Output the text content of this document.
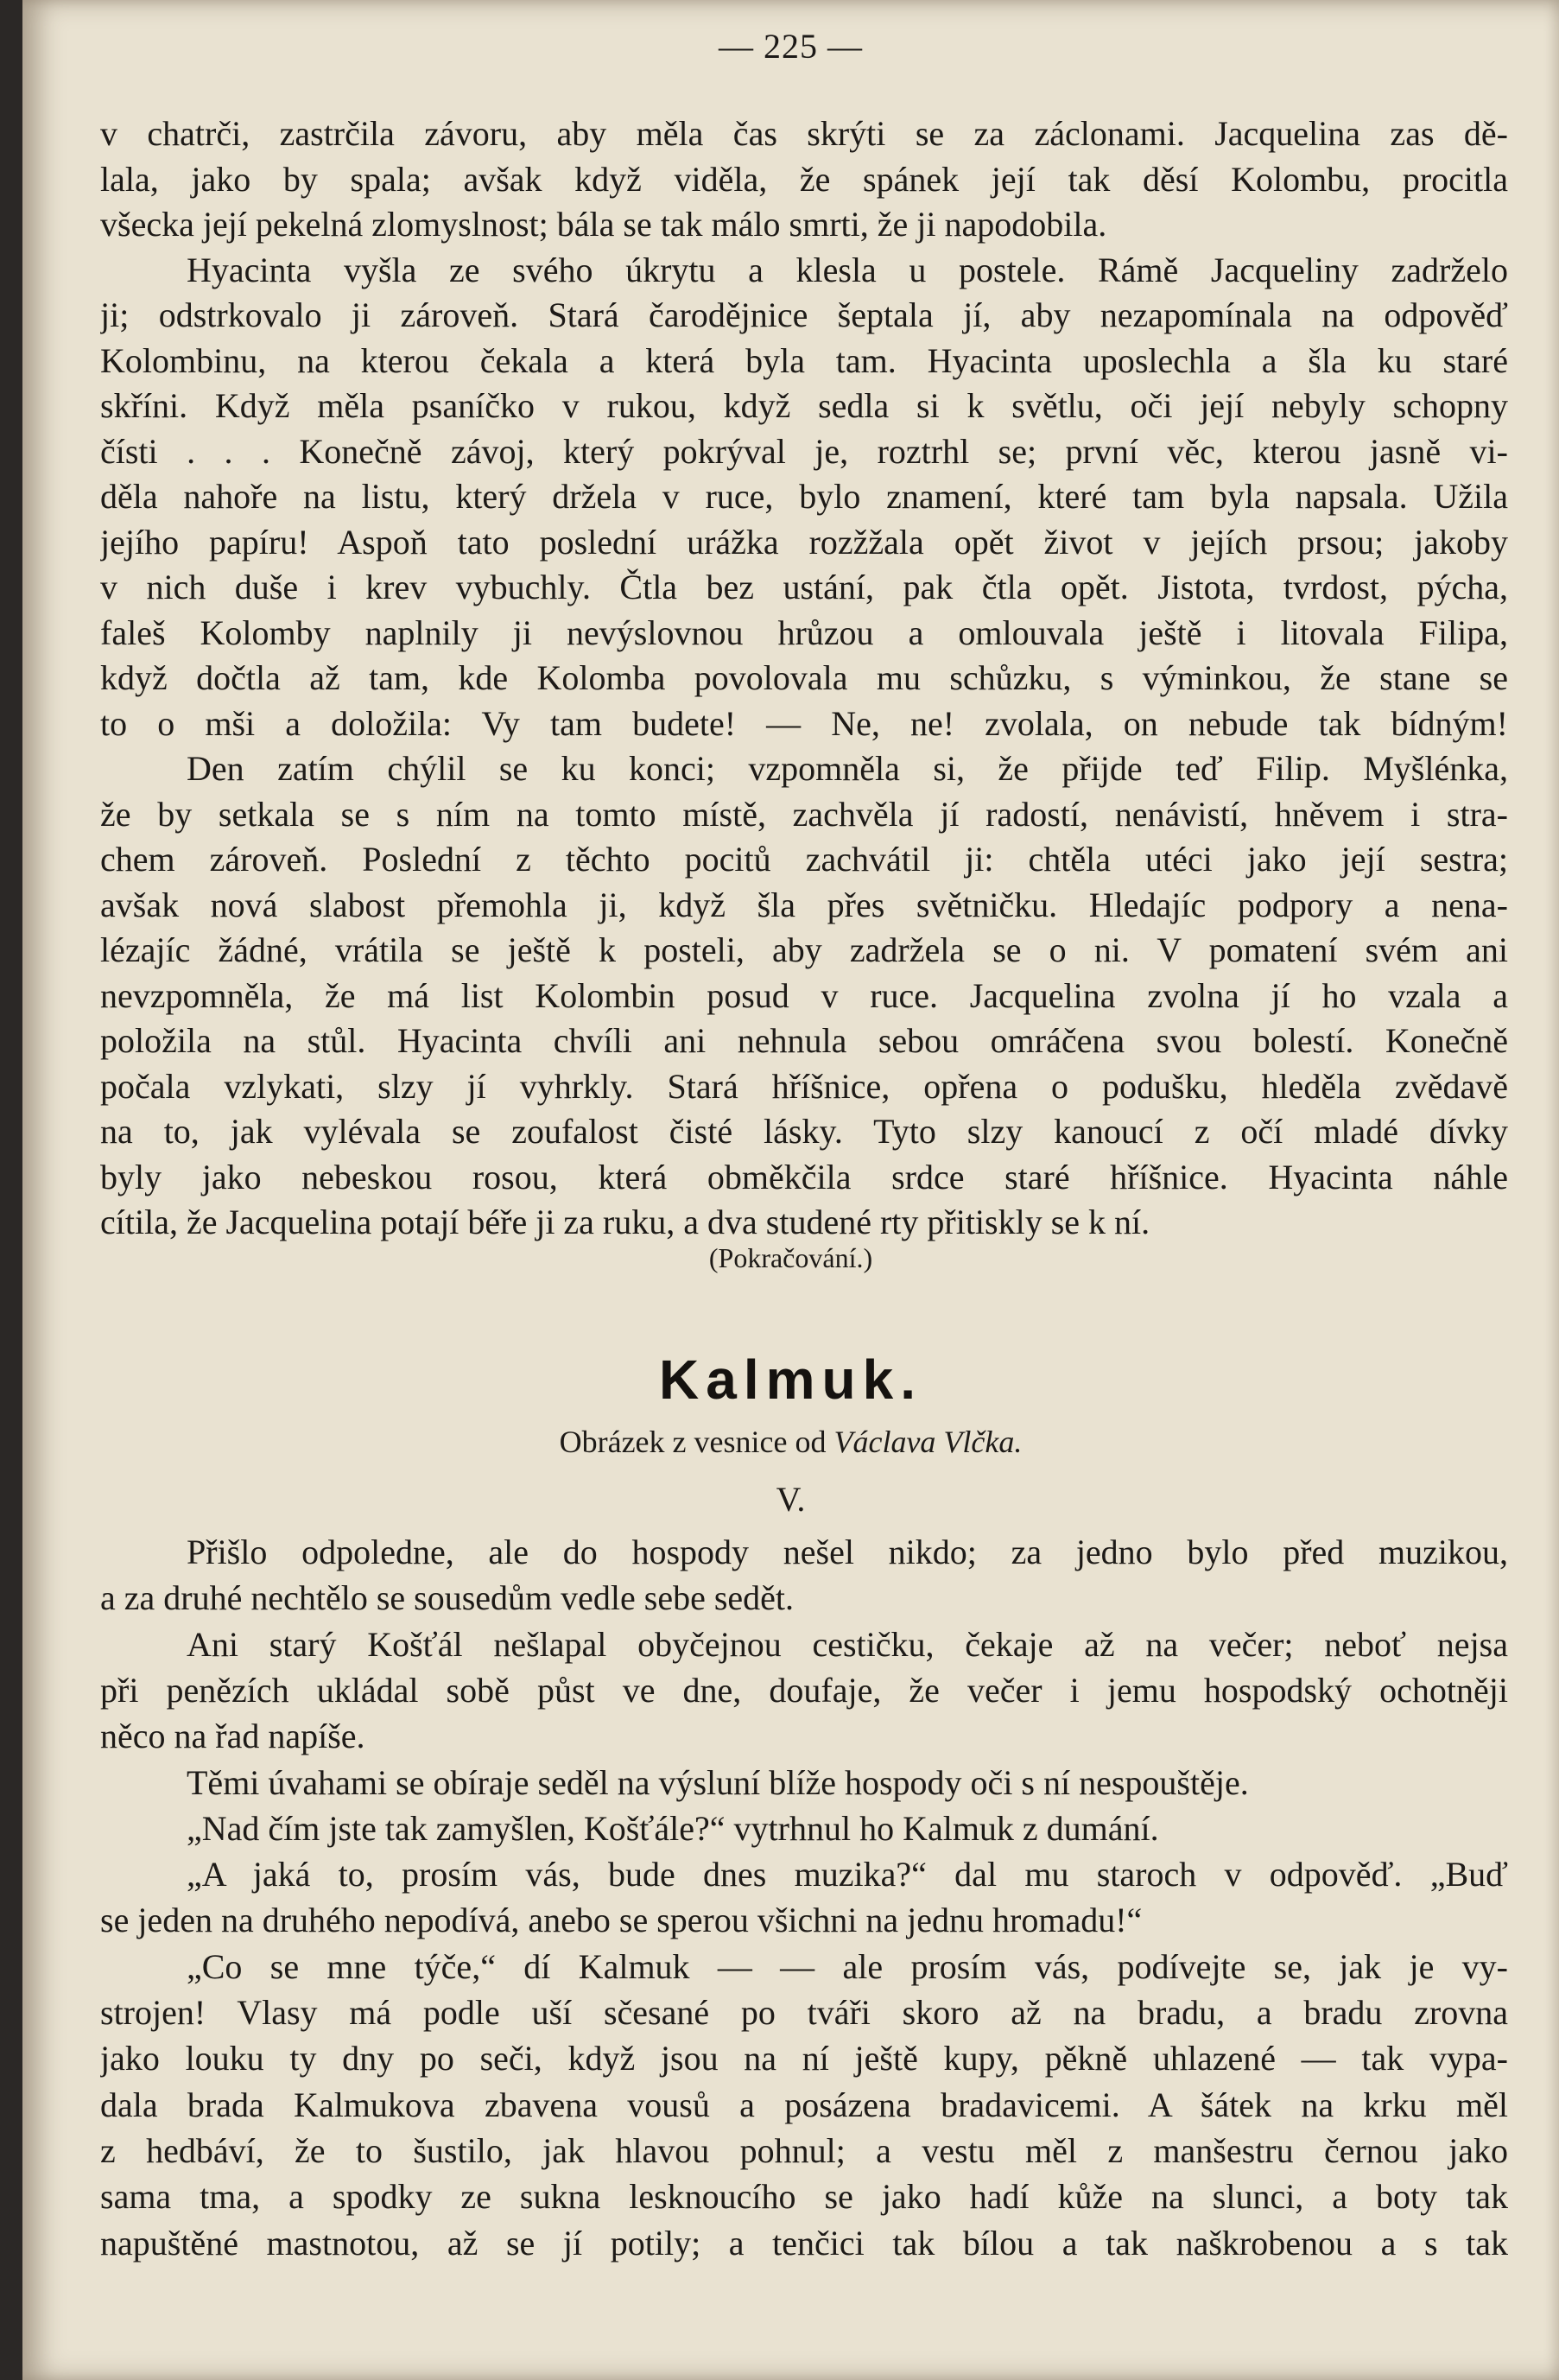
— 225 —
v chatrči, zastrčila závoru, aby měla čas skrýti se za záclonami. Jacquelina zas dě-
lala, jako by spala; avšak když viděla, že spánek její tak děsí Kolombu, procitla
všecka její pekelná zlomyslnost; bála se tak málo smrti, že ji napodobila.
Hyacinta vyšla ze svého úkrytu a klesla u postele. Rámě Jacqueliny zadrželo
ji; odstrkovalo ji zároveň. Stará čarodějnice šeptala jí, aby nezapomínala na odpověď
Kolombinu, na kterou čekala a která byla tam. Hyacinta uposlechla a šla ku staré
skříni. Když měla psaníčko v rukou, když sedla si k světlu, oči její nebyly schopny
čísti . . . Konečně závoj, který pokrýval je, roztrhl se; první věc, kterou jasně vi-
děla nahoře na listu, který držela v ruce, bylo znamení, které tam byla napsala. Užila
jejího papíru! Aspoň tato poslední urážka rozžžala opět život v jejích prsou; jakoby
v nich duše i krev vybuchly. Čtla bez ustání, pak čtla opět. Jistota, tvrdost, pýcha,
faleš Kolomby naplnily ji nevýslovnou hrůzou a omlouvala ještě i litovala Filipa,
když dočtla až tam, kde Kolomba povolovala mu schůzku, s výminkou, že stane se
to o mši a doložila: Vy tam budete! — Ne, ne! zvolala, on nebude tak bídným!
Den zatím chýlil se ku konci; vzpomněla si, že přijde teď Filip. Myšlénka,
že by setkala se s ním na tomto místě, zachvěla jí radostí, nenávistí, hněvem i stra-
chem zároveň. Poslední z těchto pocitů zachvátil ji: chtěla utéci jako její sestra;
avšak nová slabost přemohla ji, když šla přes světničku. Hledajíc podpory a nena-
lézajíc žádné, vrátila se ještě k posteli, aby zadržela se o ni. V pomatení svém ani
nevzpomněla, že má list Kolombin posud v ruce. Jacquelina zvolna jí ho vzala a
položila na stůl. Hyacinta chvíli ani nehnula sebou omráčena svou bolestí. Konečně
počala vzlykati, slzy jí vyhrkly. Stará hříšnice, opřena o podušku, hleděla zvědavě
na to, jak vylévala se zoufalost čisté lásky. Tyto slzy kanoucí z očí mladé dívky
byly jako nebeskou rosou, která obměkčila srdce staré hříšnice. Hyacinta náhle
cítila, že Jacquelina potají béře ji za ruku, a dva studené rty přitiskly se k ní.
(Pokračování.)
Kalmuk.
Obrázek z vesnice od Václava Vlčka.
V.
Přišlo odpoledne, ale do hospody nešel nikdo; za jedno bylo před muzikou,
a za druhé nechtělo se sousedům vedle sebe sedět.
Ani starý Košťál nešlapal obyčejnou cestičku, čekaje až na večer; neboť nejsa
při penězích ukládal sobě půst ve dne, doufaje, že večer i jemu hospodský ochotněji
něco na řad napíše.
Těmi úvahami se obíraje seděl na výsluní blíže hospody oči s ní nespouštěje.
„Nad čím jste tak zamyšlen, Košťále?“ vytrhnul ho Kalmuk z dumání.
„A jaká to, prosím vás, bude dnes muzika?“ dal mu staroch v odpověď. „Buď
se jeden na druhého nepodívá, anebo se sperou všichni na jednu hromadu!“
„Co se mne týče,“ dí Kalmuk — — ale prosím vás, podívejte se, jak je vy-
strojen! Vlasy má podle uší sčesané po tváři skoro až na bradu, a bradu zrovna
jako louku ty dny po seči, když jsou na ní ještě kupy, pěkně uhlazené — tak vypa-
dala brada Kalmukova zbavena vousů a posázena bradavicemi. A šátek na krku měl
z hedbáví, že to šustilo, jak hlavou pohnul; a vestu měl z manšestru černou jako
sama tma, a spodky ze sukna lesknoucího se jako hadí kůže na slunci, a boty tak
napuštěné mastnotou, až se jí potily; a tenčici tak bílou a tak naškrobenou a s tak
